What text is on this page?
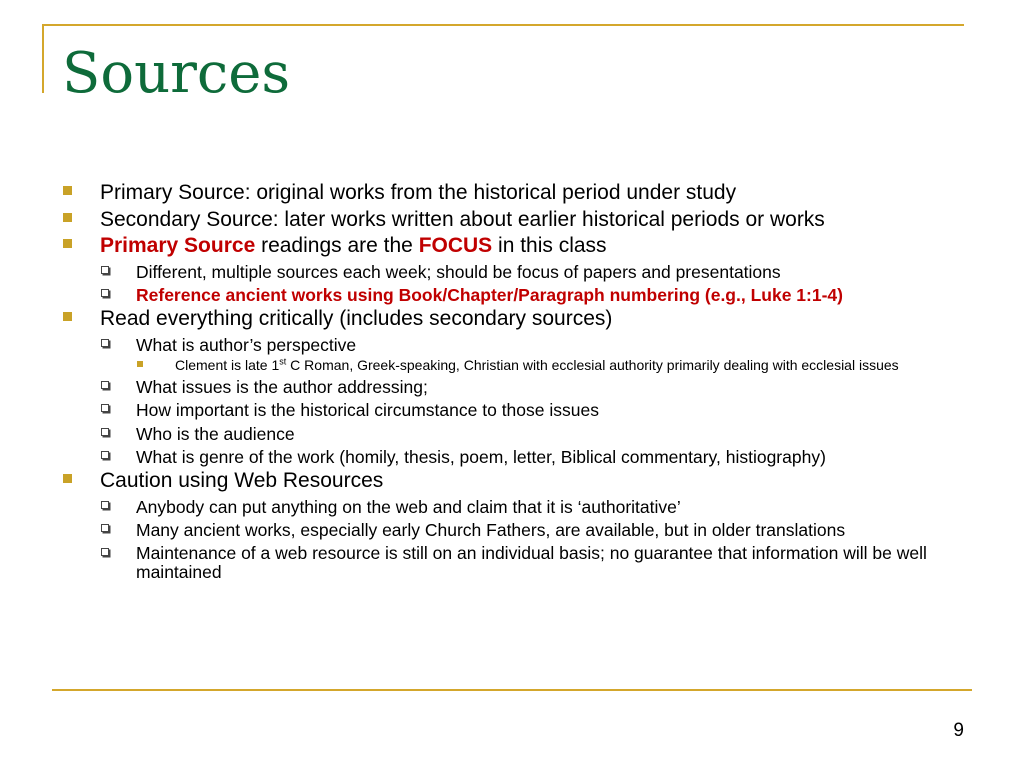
Sources
Primary Source: original works from the historical period under study
Secondary Source: later works written about earlier historical periods or works
Primary Source readings are the FOCUS in this class
Different, multiple sources each week; should be focus of papers and presentations
Reference ancient works using Book/Chapter/Paragraph numbering (e.g., Luke 1:1-4)
Read everything critically (includes secondary sources)
What is author’s perspective
Clement is late 1st C Roman, Greek-speaking, Christian with ecclesial authority primarily dealing with ecclesial issues
What issues is the author addressing;
How important is the historical circumstance to those issues
Who is the audience
What is genre of the work (homily, thesis, poem, letter, Biblical commentary, histiography)
Caution using Web Resources
Anybody can put anything on the web and claim that it is ‘authoritative’
Many ancient works, especially early Church Fathers, are available, but in older translations
Maintenance of a web resource is still on an individual basis; no guarantee that information will be well maintained
9
